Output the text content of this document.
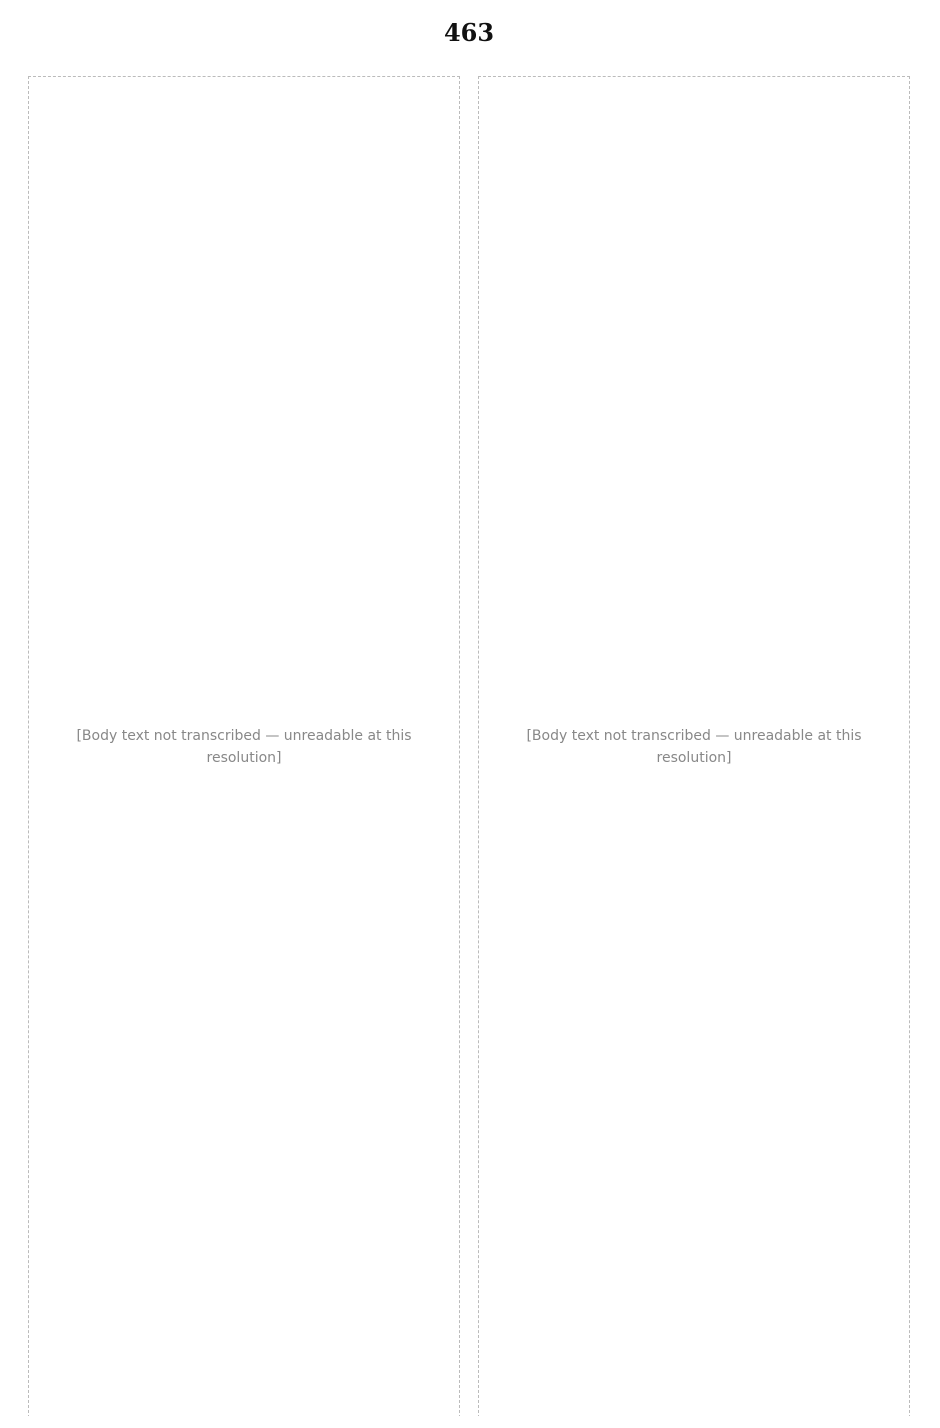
463
[Body text not transcribed — unreadable at this resolution]
[Body text not transcribed — unreadable at this resolution]
